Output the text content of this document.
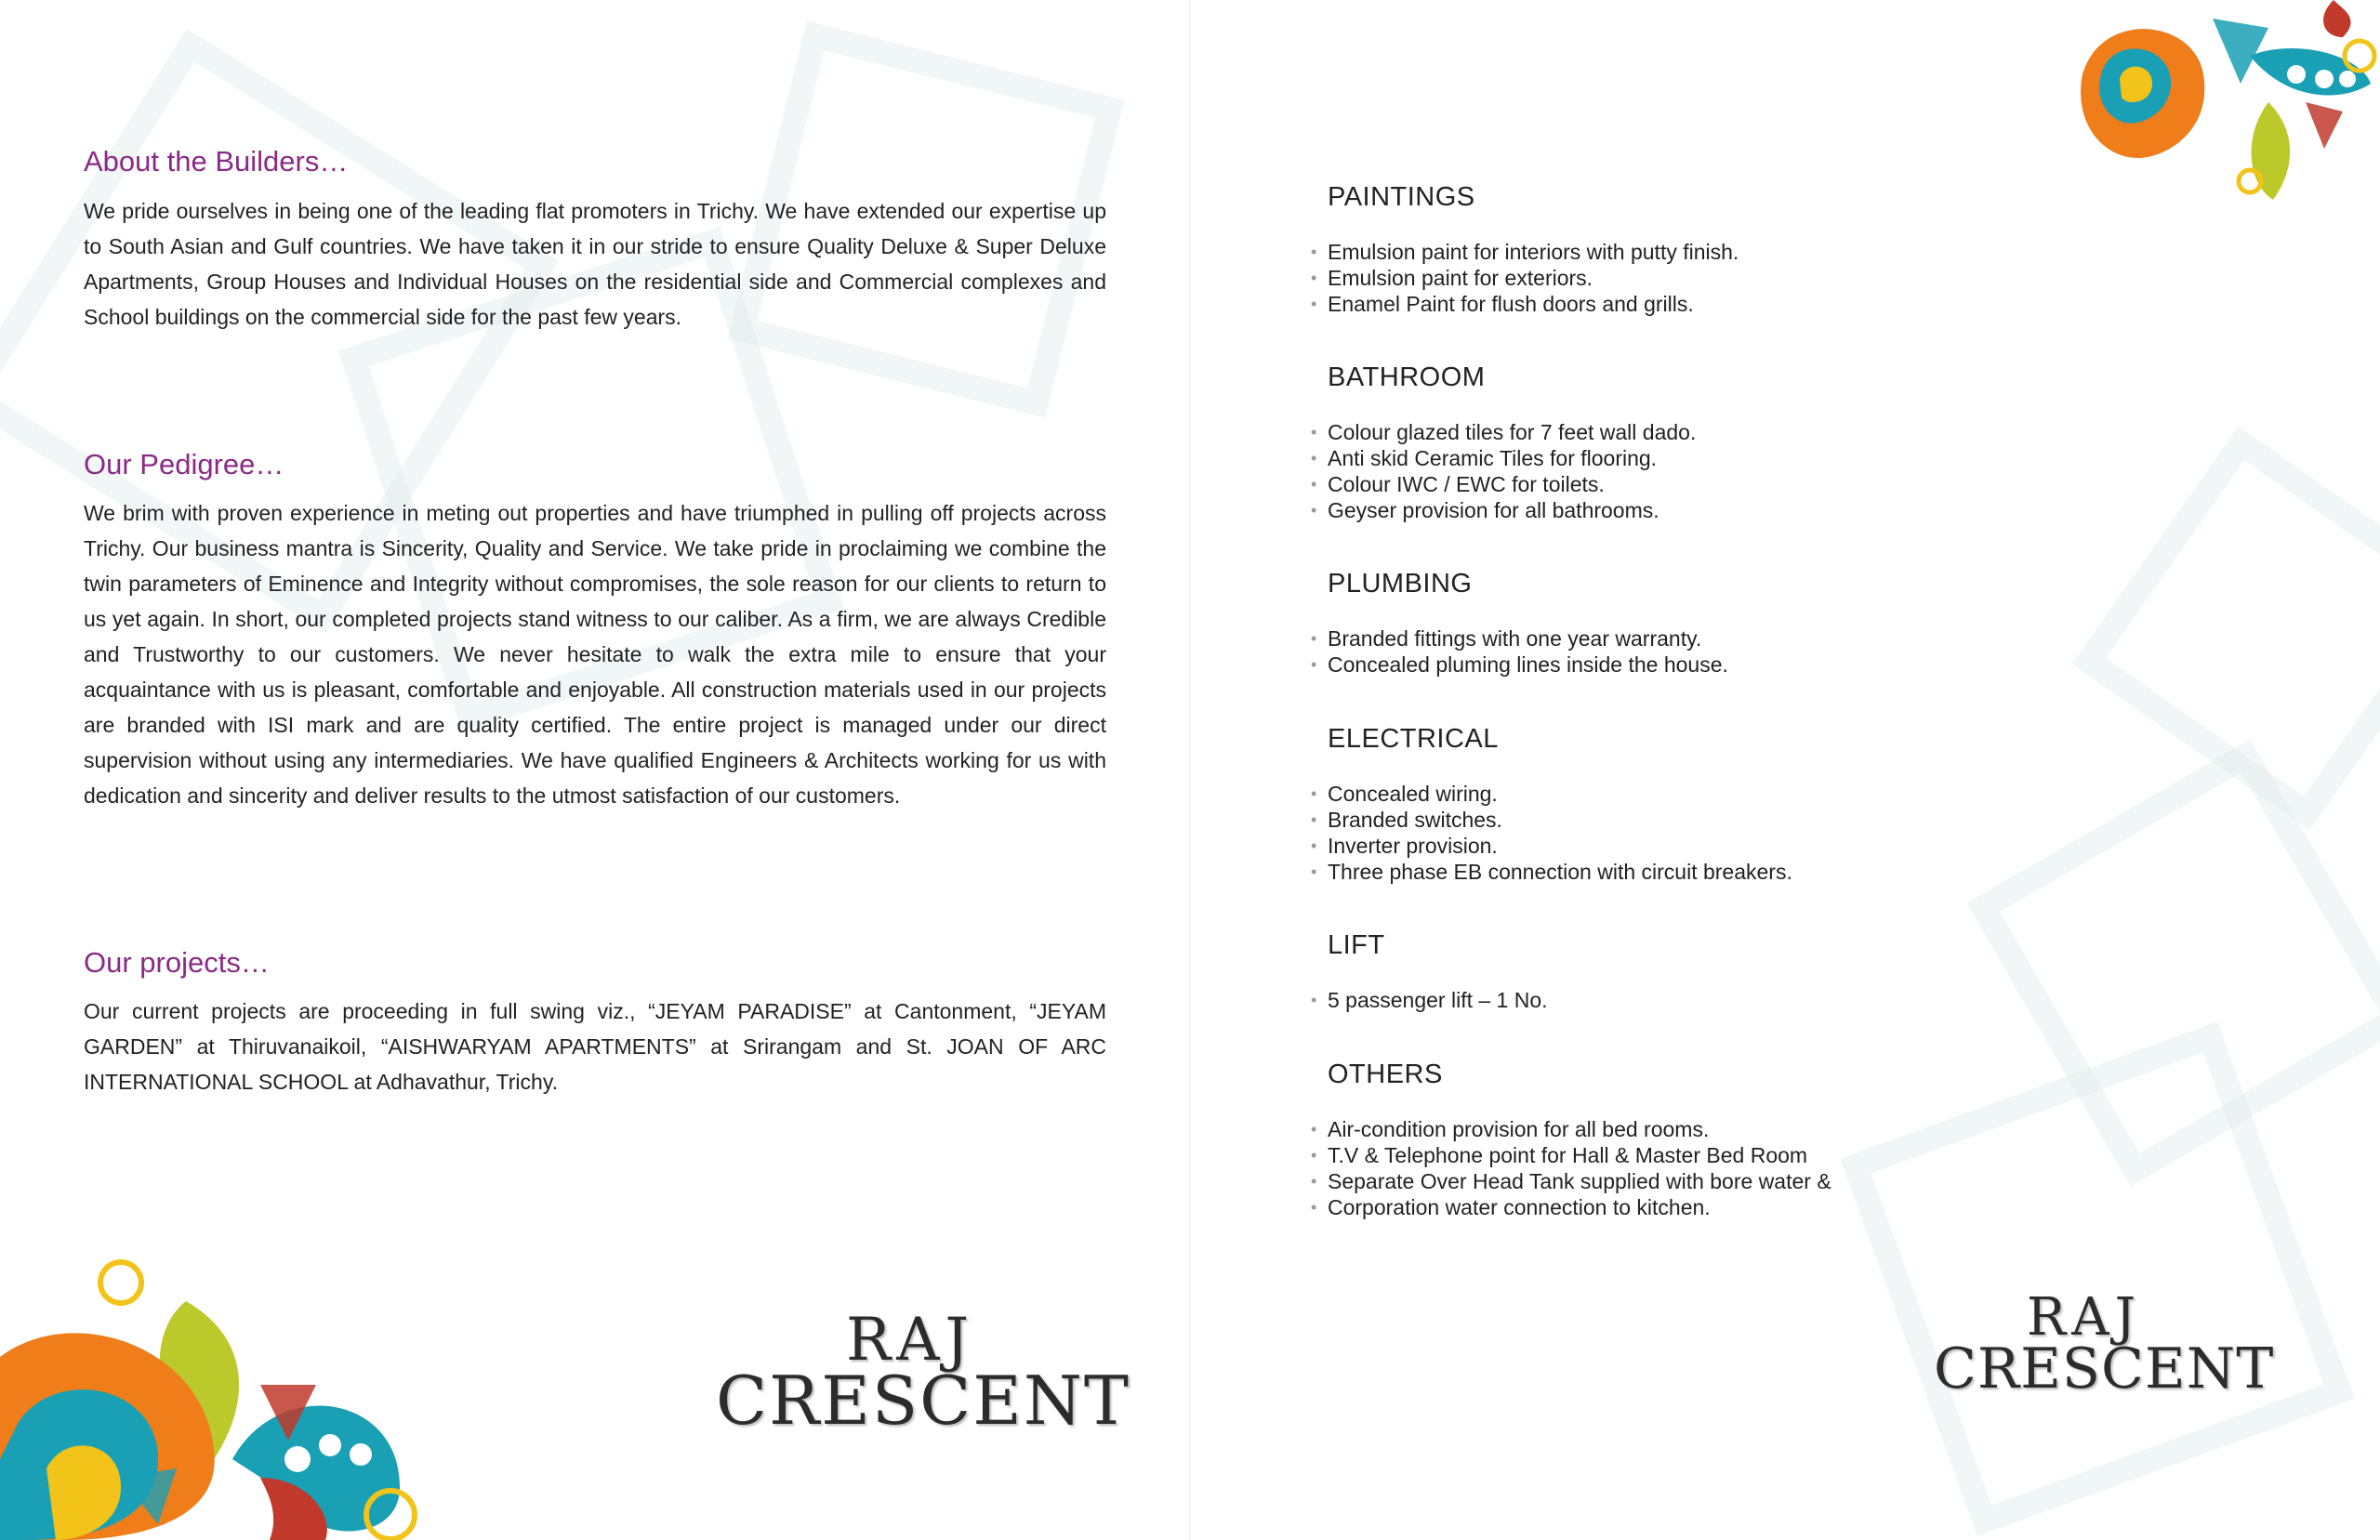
About the Builders…

We pride ourselves in being one of the leading flat promoters in Trichy. We have extended our expertise up to South Asian and Gulf countries. We have taken it in our stride to ensure Quality Deluxe & Super Deluxe Apartments, Group Houses and Individual Houses on the residential side and Commercial complexes and School buildings on the commercial side for the past few years.

Our Pedigree…

We brim with proven experience in meting out properties and have triumphed in pulling off projects across Trichy. Our business mantra is Sincerity, Quality and Service. We take pride in proclaiming we combine the twin parameters of Eminence and Integrity without compromises, the sole reason for our clients to return to us yet again. In short, our completed projects stand witness to our caliber. As a firm, we are always Credible and Trustworthy to our customers. We never hesitate to walk the extra mile to ensure that your acquaintance with us is pleasant, comfortable and enjoyable. All construction materials used in our projects are branded with ISI mark and are quality certified. The entire project is managed under our direct supervision without using any intermediaries. We have qualified Engineers & Architects working for us with dedication and sincerity and deliver results to the utmost satisfaction of our customers.

Our projects…

Our current projects are proceeding in full swing viz., “JEYAM PARADISE” at Cantonment, “JEYAM GARDEN” at Thiruvanaikoil, “AISHWARYAM APARTMENTS” at Srirangam and St. JOAN OF ARC INTERNATIONAL SCHOOL at Adhavathur, Trichy.

RAJ
CRESCENT
PAINTINGS
• Emulsion paint for interiors with putty finish.
• Emulsion paint for exteriors.
• Enamel Paint for flush doors and grills.
BATHROOM
• Colour glazed tiles for 7 feet wall dado.
• Anti skid Ceramic Tiles for flooring.
• Colour IWC / EWC for toilets.
• Geyser provision for all bathrooms.
PLUMBING
• Branded fittings with one year warranty.
• Concealed pluming lines inside the house.
ELECTRICAL
• Concealed wiring.
• Branded switches.
• Inverter provision.
• Three phase EB connection with circuit breakers.
LIFT
• 5 passenger lift – 1 No.
OTHERS
• Air-condition provision for all bed rooms.
• T.V & Telephone point for Hall & Master Bed Room
• Separate Over Head Tank supplied with bore water &
• Corporation water connection to kitchen.
RAJ
CRESCENT
